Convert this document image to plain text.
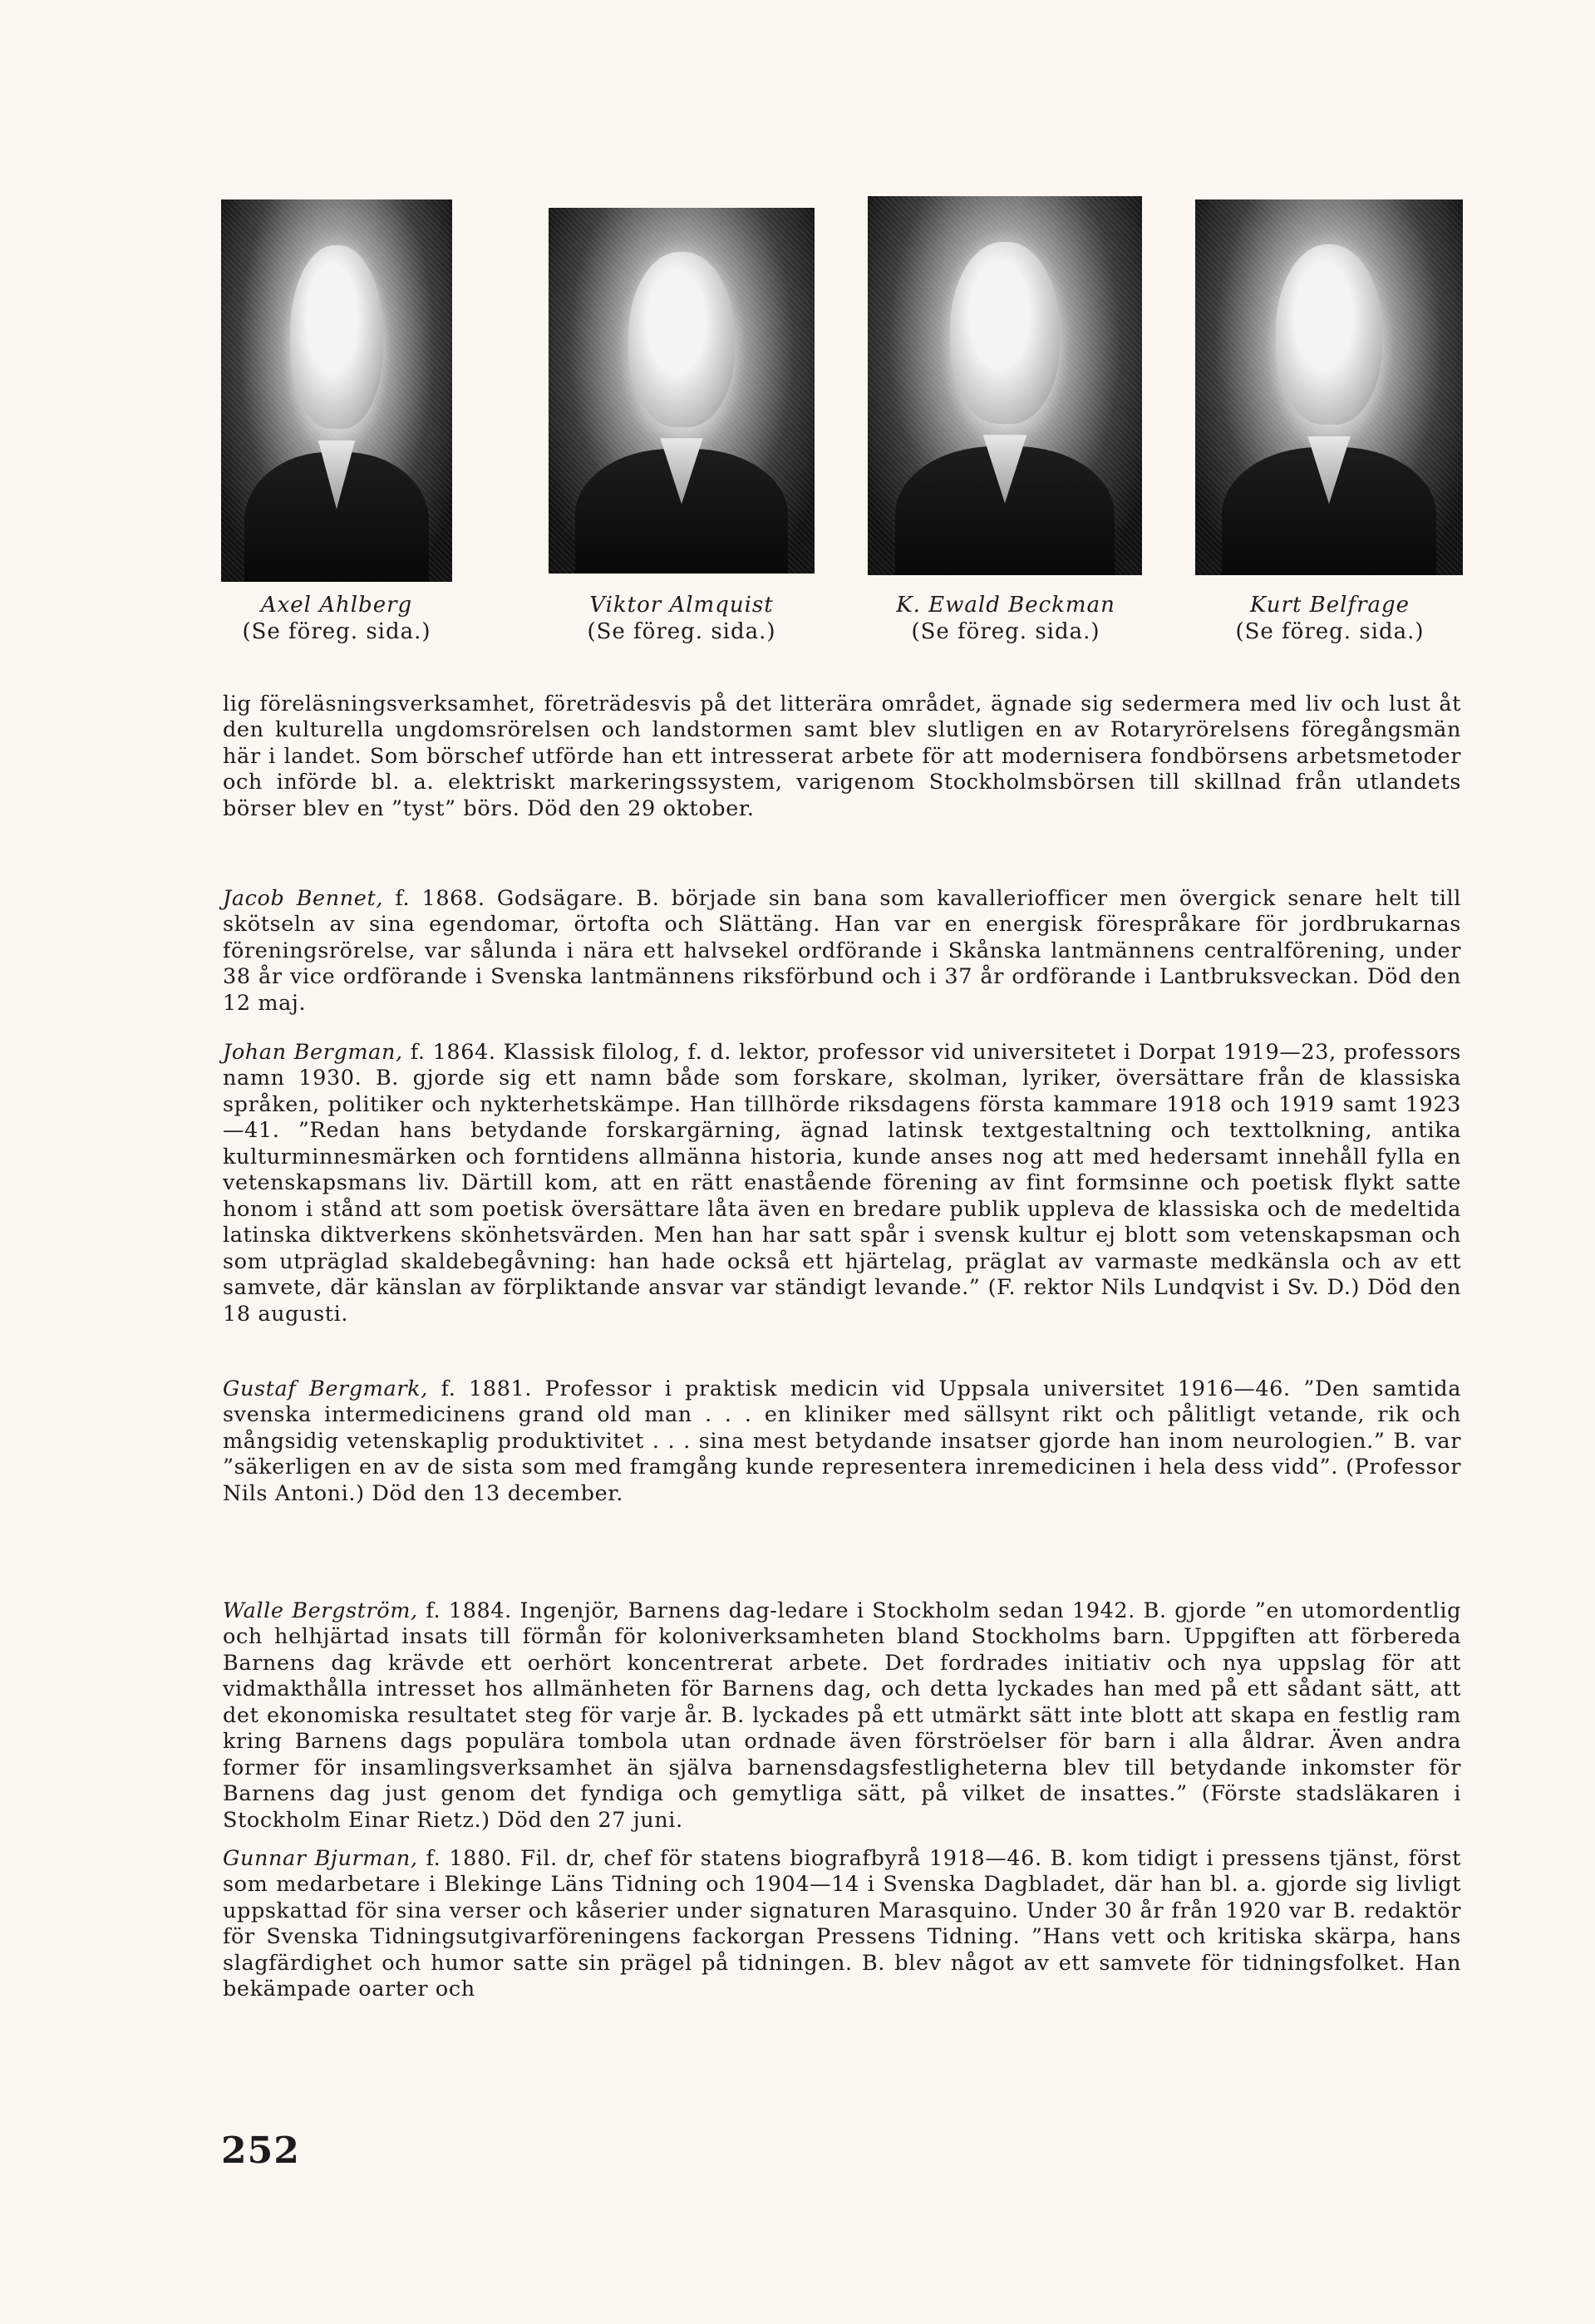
Axel Ahlberg
(Se föreg. sida.)
Viktor Almquist
(Se föreg. sida.)
K. Ewald Beckman
(Se föreg. sida.)
Kurt Belfrage
(Se föreg. sida.)

lig föreläsningsverksamhet, företrädesvis på det litterära området, ägnade sig sedermera med liv och lust åt den kulturella ungdomsrörelsen och landstormen samt blev slutligen en av Rotaryrörelsens föregångsmän här i landet. Som börschef utförde han ett intresserat arbete för att modernisera fondbörsens arbetsmetoder och införde bl. a. elektriskt markeringssystem, varigenom Stockholmsbörsen till skillnad från utlandets börser blev en ”tyst” börs. Död den 29 oktober.

Jacob Bennet, f. 1868. Godsägare. B. började sin bana som kavalleriofficer men övergick senare helt till skötseln av sina egendomar, örtofta och Slättäng. Han var en energisk förespråkare för jordbrukarnas föreningsrörelse, var sålunda i nära ett halvsekel ordförande i Skånska lantmännens centralförening, under 38 år vice ordförande i Svenska lantmännens riksförbund och i 37 år ordförande i Lantbruksveckan. Död den 12 maj.

Johan Bergman, f. 1864. Klassisk filolog, f. d. lektor, professor vid universitetet i Dorpat 1919—23, professors namn 1930. B. gjorde sig ett namn både som forskare, skolman, lyriker, översättare från de klassiska språken, politiker och nykterhetskämpe. Han tillhörde riksdagens första kammare 1918 och 1919 samt 1923—41. ”Redan hans betydande forskargärning, ägnad latinsk textgestaltning och texttolkning, antika kulturminnesmärken och forntidens allmänna historia, kunde anses nog att med hedersamt innehåll fylla en vetenskapsmans liv. Därtill kom, att en rätt enastående förening av fint formsinne och poetisk flykt satte honom i stånd att som poetisk översättare låta även en bredare publik uppleva de klassiska och de medeltida latinska diktverkens skönhetsvärden. Men han har satt spår i svensk kultur ej blott som vetenskapsman och som utpräglad skaldebegåvning: han hade också ett hjärtelag, präglat av varmaste medkänsla och av ett samvete, där känslan av förpliktande ansvar var ständigt levande.” (F. rektor Nils Lundqvist i Sv. D.) Död den 18 augusti.

Gustaf Bergmark, f. 1881. Professor i praktisk medicin vid Uppsala universitet 1916—46. ”Den samtida svenska intermedicinens grand old man . . . en kliniker med sällsynt rikt och pålitligt vetande, rik och mångsidig vetenskaplig produktivitet . . . sina mest betydande insatser gjorde han inom neurologien.” B. var ”säkerligen en av de sista som med framgång kunde representera inremedicinen i hela dess vidd”. (Professor Nils Antoni.) Död den 13 december.

Walle Bergström, f. 1884. Ingenjör, Barnens dag-ledare i Stockholm sedan 1942. B. gjorde ”en utomordentlig och helhjärtad insats till förmån för koloniverksamheten bland Stockholms barn. Uppgiften att förbereda Barnens dag krävde ett oerhört koncentrerat arbete. Det fordrades initiativ och nya uppslag för att vidmakthålla intresset hos allmänheten för Barnens dag, och detta lyckades han med på ett sådant sätt, att det ekonomiska resultatet steg för varje år. B. lyckades på ett utmärkt sätt inte blott att skapa en festlig ram kring Barnens dags populära tombola utan ordnade även förströelser för barn i alla åldrar. Även andra former för insamlingsverksamhet än själva barnensdagsfestligheterna blev till betydande inkomster för Barnens dag just genom det fyndiga och gemytliga sätt, på vilket de insattes.” (Förste stadsläkaren i Stockholm Einar Rietz.) Död den 27 juni.

Gunnar Bjurman, f. 1880. Fil. dr, chef för statens biografbyrå 1918—46. B. kom tidigt i pressens tjänst, först som medarbetare i Blekinge Läns Tidning och 1904—14 i Svenska Dagbladet, där han bl. a. gjorde sig livligt uppskattad för sina verser och kåserier under signaturen Marasquino. Under 30 år från 1920 var B. redaktör för Svenska Tidningsutgivarföreningens fackorgan Pressens Tidning. ”Hans vett och kritiska skärpa, hans slagfärdighet och humor satte sin prägel på tidningen. B. blev något av ett samvete för tidningsfolket. Han bekämpade oarter och

252
